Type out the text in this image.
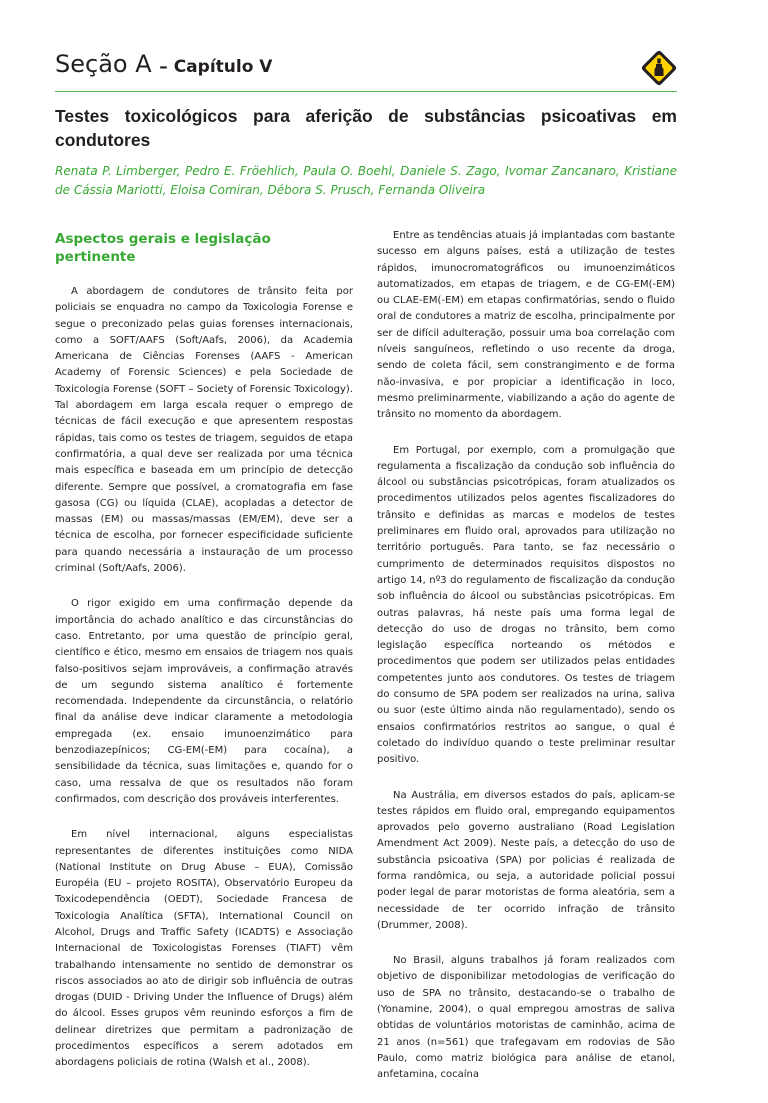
Seção A – Capítulo V
Testes toxicológicos para aferição de substâncias psicoativas em condutores

Renata P. Limberger, Pedro E. Fröehlich, Paula O. Boehl, Daniele S. Zago, Ivomar Zancanaro, Kristiane de Cássia Mariotti, Eloisa Comiran, Débora S. Prusch, Fernanda Oliveira

Aspectos gerais e legislação pertinente

A abordagem de condutores de trânsito feita por policiais se enquadra no campo da Toxicologia Forense e segue o preconizado pelas guias forenses internacionais, como a SOFT/AAFS (Soft/Aafs, 2006), da Academia Americana de Ciências Forenses (AAFS - American Academy of Forensic Sciences) e pela Sociedade de Toxicologia Forense (SOFT – Society of Forensic Toxicology). Tal abordagem em larga escala requer o emprego de técnicas de fácil execução e que apresentem respostas rápidas, tais como os testes de triagem, seguidos de etapa confirmatória, a qual deve ser realizada por uma técnica mais específica e baseada em um princípio de detecção diferente. Sempre que possível, a cromatografia em fase gasosa (CG) ou líquida (CLAE), acopladas a detector de massas (EM) ou massas/massas (EM/EM), deve ser a técnica de escolha, por fornecer especificidade suficiente para quando necessária a instauração de um processo criminal (Soft/Aafs, 2006).

O rigor exigido em uma confirmação depende da importância do achado analítico e das circunstâncias do caso. Entretanto, por uma questão de princípio geral, científico e ético, mesmo em ensaios de triagem nos quais falso-positivos sejam improváveis, a confirmação através de um segundo sistema analítico é fortemente recomendada. Independente da circunstância, o relatório final da análise deve indicar claramente a metodologia empregada (ex. ensaio imunoenzimático para benzodiazepínicos; CG-EM(-EM) para cocaína), a sensibilidade da técnica, suas limitações e, quando for o caso, uma ressalva de que os resultados não foram confirmados, com descrição dos prováveis interferentes.

Em nível internacional, alguns especialistas representantes de diferentes instituições como NIDA (National Institute on Drug Abuse – EUA), Comissão Européia (EU – projeto ROSITA), Observatório Europeu da Toxicodependência (OEDT), Sociedade Francesa de Toxicologia Analítica (SFTA), International Council on Alcohol, Drugs and Traffic Safety (ICADTS) e Associação Internacional de Toxicologistas Forenses (TIAFT) vêm trabalhando intensamente no sentido de demonstrar os riscos associados ao ato de dirigir sob influência de outras drogas (DUID - Driving Under the Influence of Drugs) além do álcool. Esses grupos vêm reunindo esforços a fim de delinear diretrizes que permitam a padronização de procedimentos específicos a serem adotados em abordagens policiais de rotina (Walsh et al., 2008).

Entre as tendências atuais já implantadas com bastante sucesso em alguns países, está a utilização de testes rápidos, imunocromatográficos ou imunoenzimáticos automatizados, em etapas de triagem, e de CG-EM(-EM) ou CLAE-EM(-EM) em etapas confirmatórias, sendo o fluido oral de condutores a matriz de escolha, principalmente por ser de difícil adulteração, possuir uma boa correlação com níveis sanguíneos, refletindo o uso recente da droga, sendo de coleta fácil, sem constrangimento e de forma não-invasiva, e por propiciar a identificação in loco, mesmo preliminarmente, viabilizando a ação do agente de trânsito no momento da abordagem.

Em Portugal, por exemplo, com a promulgação que regulamenta a fiscalização da condução sob influência do álcool ou substâncias psicotrópicas, foram atualizados os procedimentos utilizados pelos agentes fiscalizadores do trânsito e definidas as marcas e modelos de testes preliminares em fluido oral, aprovados para utilização no território português. Para tanto, se faz necessário o cumprimento de determinados requisitos dispostos no artigo 14, nº3 do regulamento de fiscalização da condução sob influência do álcool ou substâncias psicotrópicas. Em outras palavras, há neste país uma forma legal de detecção do uso de drogas no trânsito, bem como legislação específica norteando os métodos e procedimentos que podem ser utilizados pelas entidades competentes junto aos condutores. Os testes de triagem do consumo de SPA podem ser realizados na urina, saliva ou suor (este último ainda não regulamentado), sendo os ensaios confirmatórios restritos ao sangue, o qual é coletado do indivíduo quando o teste preliminar resultar positivo.

Na Austrália, em diversos estados do país, aplicam-se testes rápidos em fluido oral, empregando equipamentos aprovados pelo governo australiano (Road Legislation Amendment Act 2009). Neste país, a detecção do uso de substância psicoativa (SPA) por policias é realizada de forma randômica, ou seja, a autoridade policial possui poder legal de parar motoristas de forma aleatória, sem a necessidade de ter ocorrido infração de trânsito (Drummer, 2008).

No Brasil, alguns trabalhos já foram realizados com objetivo de disponibilizar metodologias de verificação do uso de SPA no trânsito, destacando-se o trabalho de (Yonamine, 2004), o qual empregou amostras de saliva obtidas de voluntários motoristas de caminhão, acima de 21 anos (n=561) que trafegavam em rodovias de São Paulo, como matriz biológica para análise de etanol, anfetamina, cocaína
